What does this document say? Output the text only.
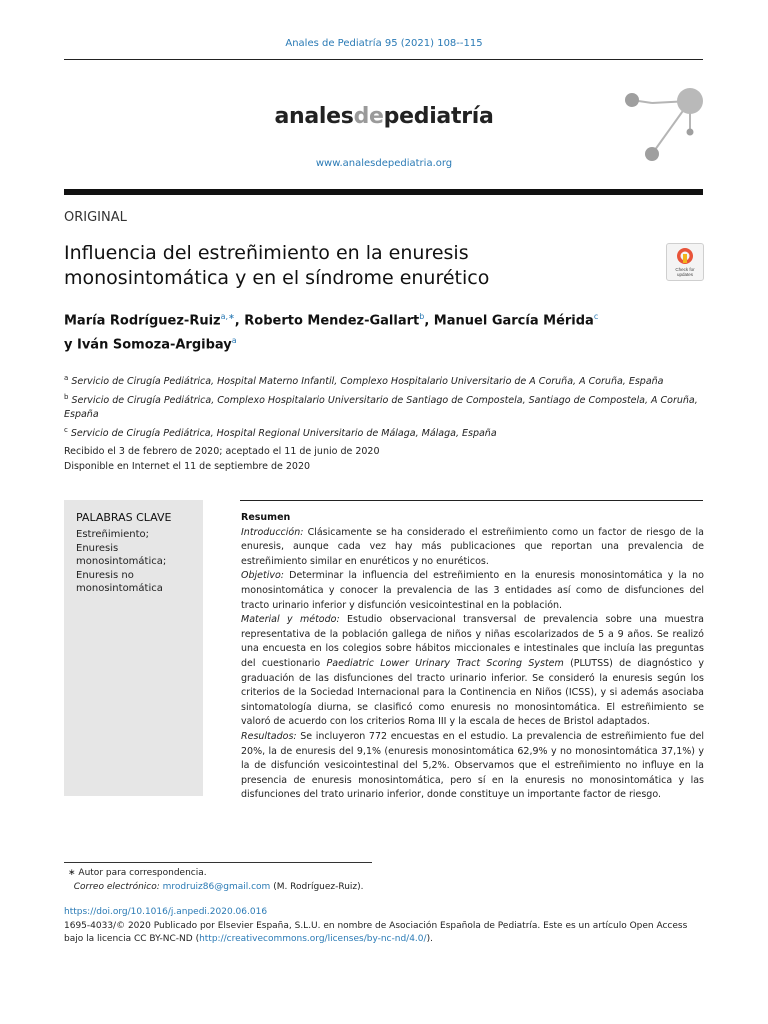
Anales de Pediatría 95 (2021) 108--115
analesdepediatría
www.analesdepediatria.org
ORIGINAL
Influencia del estreñimiento en la enuresis monosintomática y en el síndrome enurético	Check for
updates
María Rodríguez-Ruiz$^{a,∗}$, Roberto Mendez-Gallart$^b$, Manuel García Mérida$^c$
y Iván Somoza-Argibay$^a$
$^a$ Servicio de Cirugía Pediátrica, Hospital Materno Infantil, Complexo Hospitalario Universitario de A Coruña, A Coruña, España
$^b$ Servicio de Cirugía Pediátrica, Complexo Hospitalario Universitario de Santiago de Compostela, Santiago de Compostela, A Coruña, España
$^c$ Servicio de Cirugía Pediátrica, Hospital Regional Universitario de Málaga, Málaga, España
Recibido el 3 de febrero de 2020; aceptado el 11 de junio de 2020
Disponible en Internet el 11 de septiembre de 2020
PALABRAS CLAVE
Estreñimiento;
Enuresis monosintomática;
Enuresis no monosintomática
Resumen
Introducción: Clásicamente se ha considerado el estreñimiento como un factor de riesgo de la enuresis, aunque cada vez hay más publicaciones que reportan una prevalencia de estreñimiento similar en enuréticos y no enuréticos.
Objetivo: Determinar la influencia del estreñimiento en la enuresis monosintomática y la no monosintomática y conocer la prevalencia de las 3 entidades así como de disfunciones del tracto urinario inferior y disfunción vesicointestinal en la población.
Material y método: Estudio observacional transversal de prevalencia sobre una muestra representativa de la población gallega de niños y niñas escolarizados de 5 a 9 años. Se realizó una encuesta en los colegios sobre hábitos miccionales e intestinales que incluía las preguntas del cuestionario Paediatric Lower Urinary Tract Scoring System (PLUTSS) de diagnóstico y graduación de las disfunciones del tracto urinario inferior. Se consideró la enuresis según los criterios de la Sociedad Internacional para la Continencia en Niños (ICSS), y si además asociaba sintomatología diurna, se clasificó como enuresis no monosintomática. El estreñimiento se valoró de acuerdo con los criterios Roma III y la escala de heces de Bristol adaptados.
Resultados: Se incluyeron 772 encuestas en el estudio. La prevalencia de estreñimiento fue del 20%, la de enuresis del 9,1% (enuresis monosintomática 62,9% y no monosintomática 37,1%) y la de disfunción vesicointestinal del 5,2%. Observamos que el estreñimiento no influye en la presencia de enuresis monosintomática, pero sí en la enuresis no monosintomática y las disfunciones del trato urinario inferior, donde constituye un importante factor de riesgo.
∗ Autor para correspondencia.
Correo electrónico: mrodruiz86@gmail.com (M. Rodríguez-Ruiz).
https://doi.org/10.1016/j.anpedi.2020.06.016
1695-4033/© 2020 Publicado por Elsevier España, S.L.U. en nombre de Asociación Española de Pediatría. Este es un artículo Open Access bajo la licencia CC BY-NC-ND (http://creativecommons.org/licenses/by-nc-nd/4.0/).
